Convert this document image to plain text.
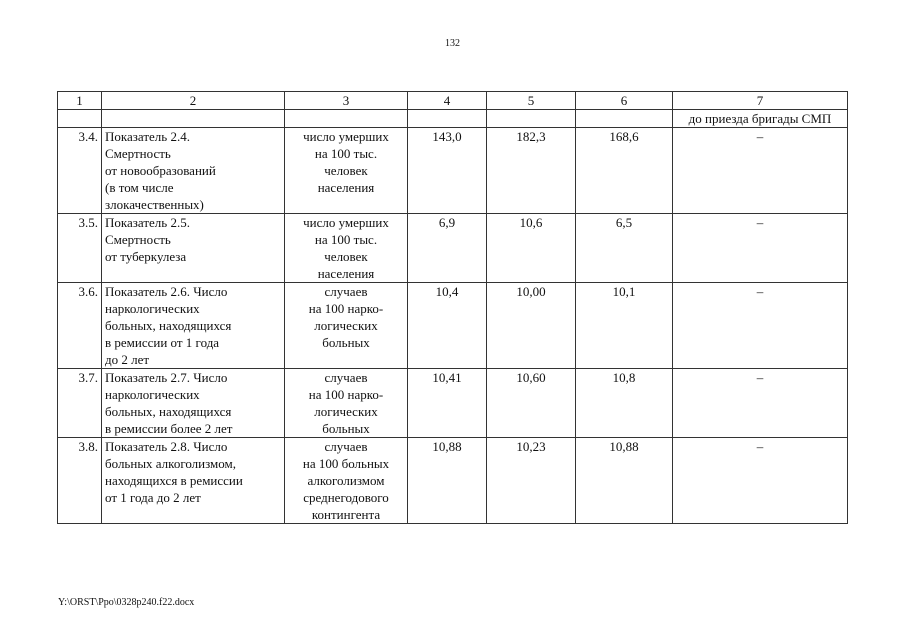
132
1	2	3	4	5	6	7
						до приезда бригады СМП
3.4.	Показатель 2.4.
Смертность
от новообразований
(в том числе
злокачественных)	число умерших
на 100 тыс.
человек
населения	143,0	182,3	168,6	–
3.5.	Показатель 2.5.
Смертность
от туберкулеза	число умерших
на 100 тыс.
человек
населения	6,9	10,6	6,5	–
3.6.	Показатель 2.6. Число
наркологических
больных, находящихся
в ремиссии от 1 года
до 2 лет	случаев
на 100 нарко-
логических
больных	10,4	10,00	10,1	–
3.7.	Показатель 2.7. Число
наркологических
больных, находящихся
в ремиссии более 2 лет	случаев
на 100 нарко-
логических
больных	10,41	10,60	10,8	–
3.8.	Показатель 2.8. Число
больных алкоголизмом,
находящихся в ремиссии
от 1 года до 2 лет	случаев
на 100 больных
алкоголизмом
среднегодового
контингента	10,88	10,23	10,88	–
Y:\ORST\Ppo\0328p240.f22.docx
